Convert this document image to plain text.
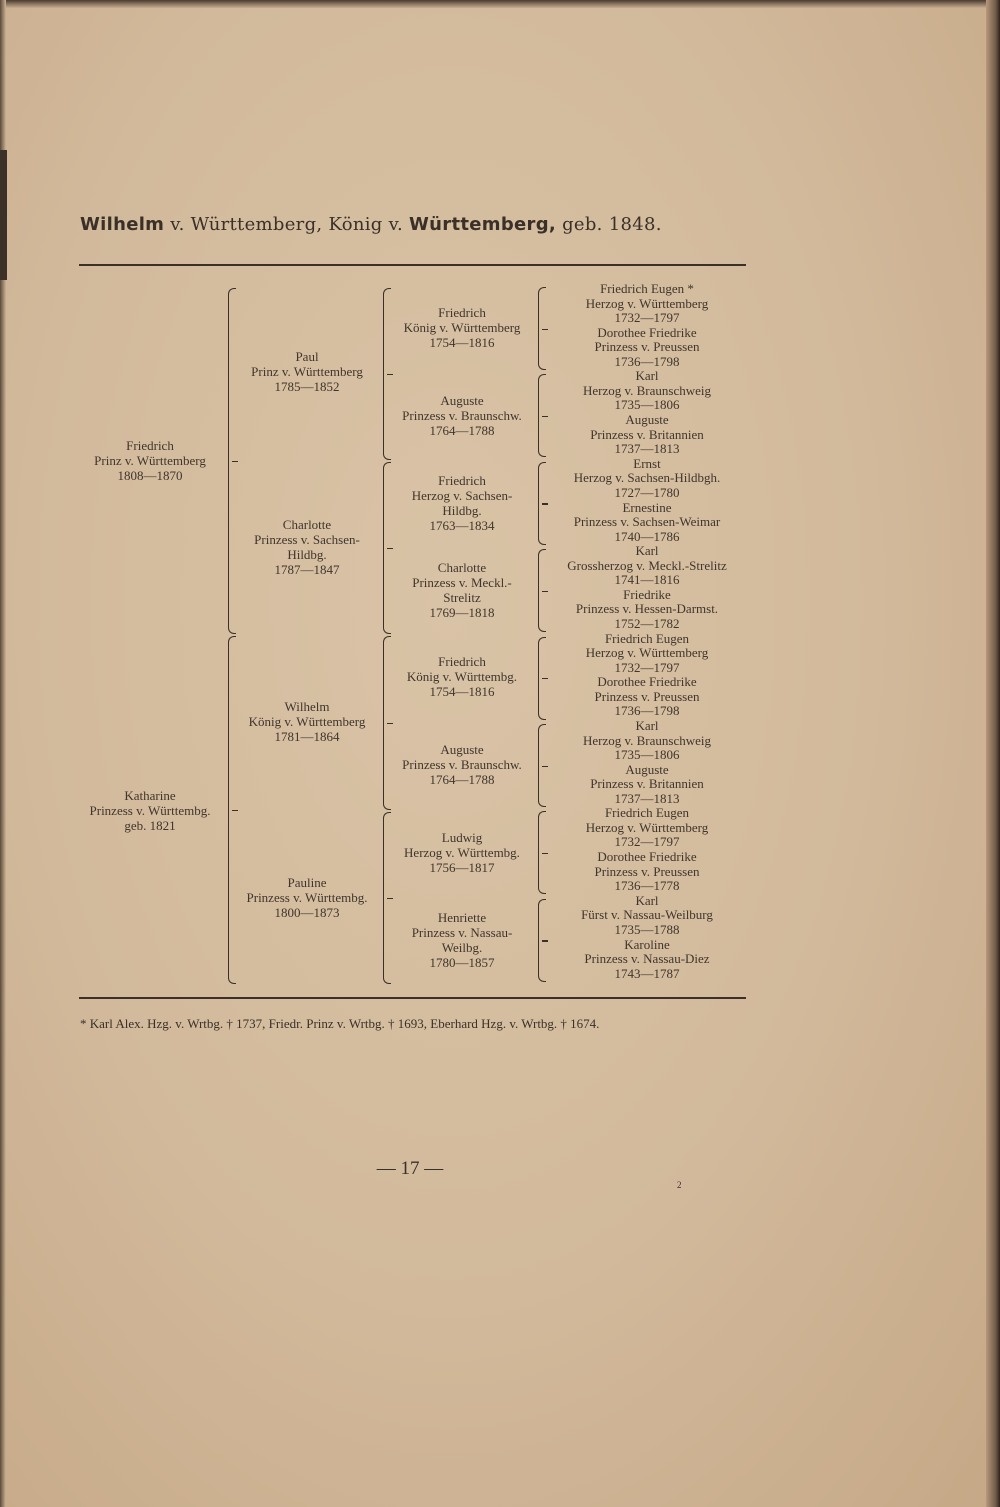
Wilhelm v. Württemberg, König v. Württemberg, geb. 1848.
Friedrich
Prinz v. Württemberg
1808—1870
Katharine
Prinzess v. Württembg.
geb. 1821
Paul
Prinz v. Württemberg
1785—1852
Charlotte
Prinzess v. Sachsen-
Hildbg.
1787—1847
Wilhelm
König v. Württemberg
1781—1864
Pauline
Prinzess v. Württembg.
1800—1873
Friedrich
König v. Württemberg
1754—1816
Auguste
Prinzess v. Braunschw.
1764—1788
Friedrich
Herzog v. Sachsen-
Hildbg.
1763—1834
Charlotte
Prinzess v. Meckl.-
Strelitz
1769—1818
Friedrich
König v. Württembg.
1754—1816
Auguste
Prinzess v. Braunschw.
1764—1788
Ludwig
Herzog v. Württembg.
1756—1817
Henriette
Prinzess v. Nassau-
Weilbg.
1780—1857
Friedrich Eugen *
Herzog v. Württemberg
1732—1797
Dorothee Friedrike
Prinzess v. Preussen
1736—1798
Karl
Herzog v. Braunschweig
1735—1806
Auguste
Prinzess v. Britannien
1737—1813
Ernst
Herzog v. Sachsen-Hildbgh.
1727—1780
Ernestine
Prinzess v. Sachsen-Weimar
1740—1786
Karl
Grossherzog v. Meckl.-Strelitz
1741—1816
Friedrike
Prinzess v. Hessen-Darmst.
1752—1782
Friedrich Eugen
Herzog v. Württemberg
1732—1797
Dorothee Friedrike
Prinzess v. Preussen
1736—1798
Karl
Herzog v. Braunschweig
1735—1806
Auguste
Prinzess v. Britannien
1737—1813
Friedrich Eugen
Herzog v. Württemberg
1732—1797
Dorothee Friedrike
Prinzess v. Preussen
1736—1778
Karl
Fürst v. Nassau-Weilburg
1735—1788
Karoline
Prinzess v. Nassau-Diez
1743—1787
* Karl Alex. Hzg. v. Wrtbg. † 1737, Friedr. Prinz v. Wrtbg. † 1693, Eberhard Hzg. v. Wrtbg. † 1674.
— 17 —
2
